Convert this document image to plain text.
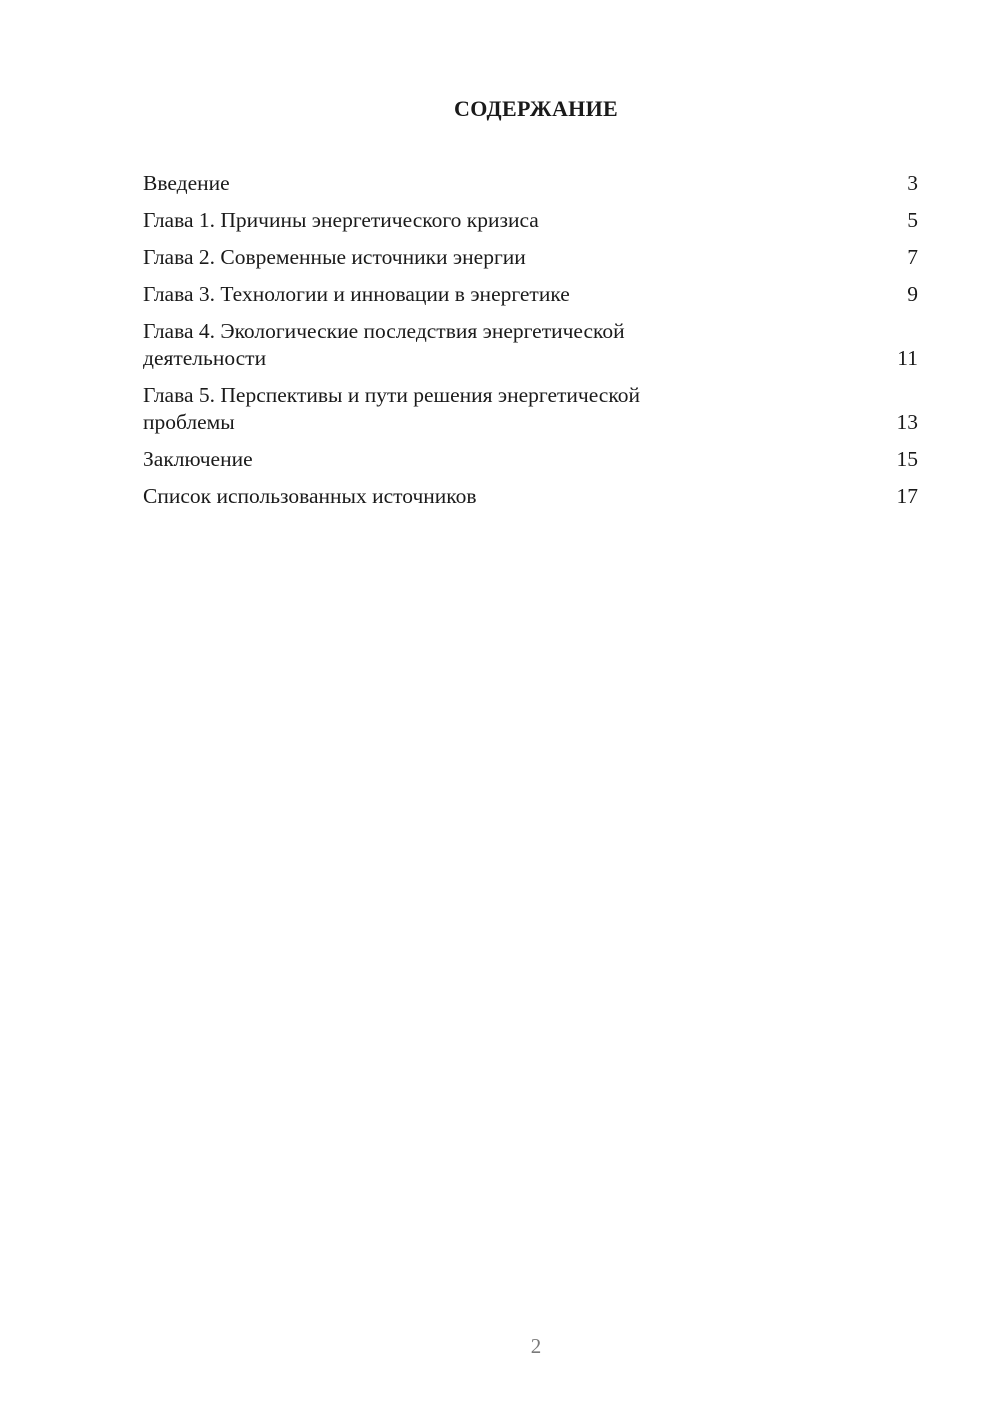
СОДЕРЖАНИЕ
Введение	3
Глава 1. Причины энергетического кризиса	5
Глава 2. Современные источники энергии	7
Глава 3. Технологии и инновации в энергетике	9
Глава 4. Экологические последствия энергетической деятельности	11
Глава 5. Перспективы и пути решения энергетической проблемы	13
Заключение	15
Список использованных источников	17
2
